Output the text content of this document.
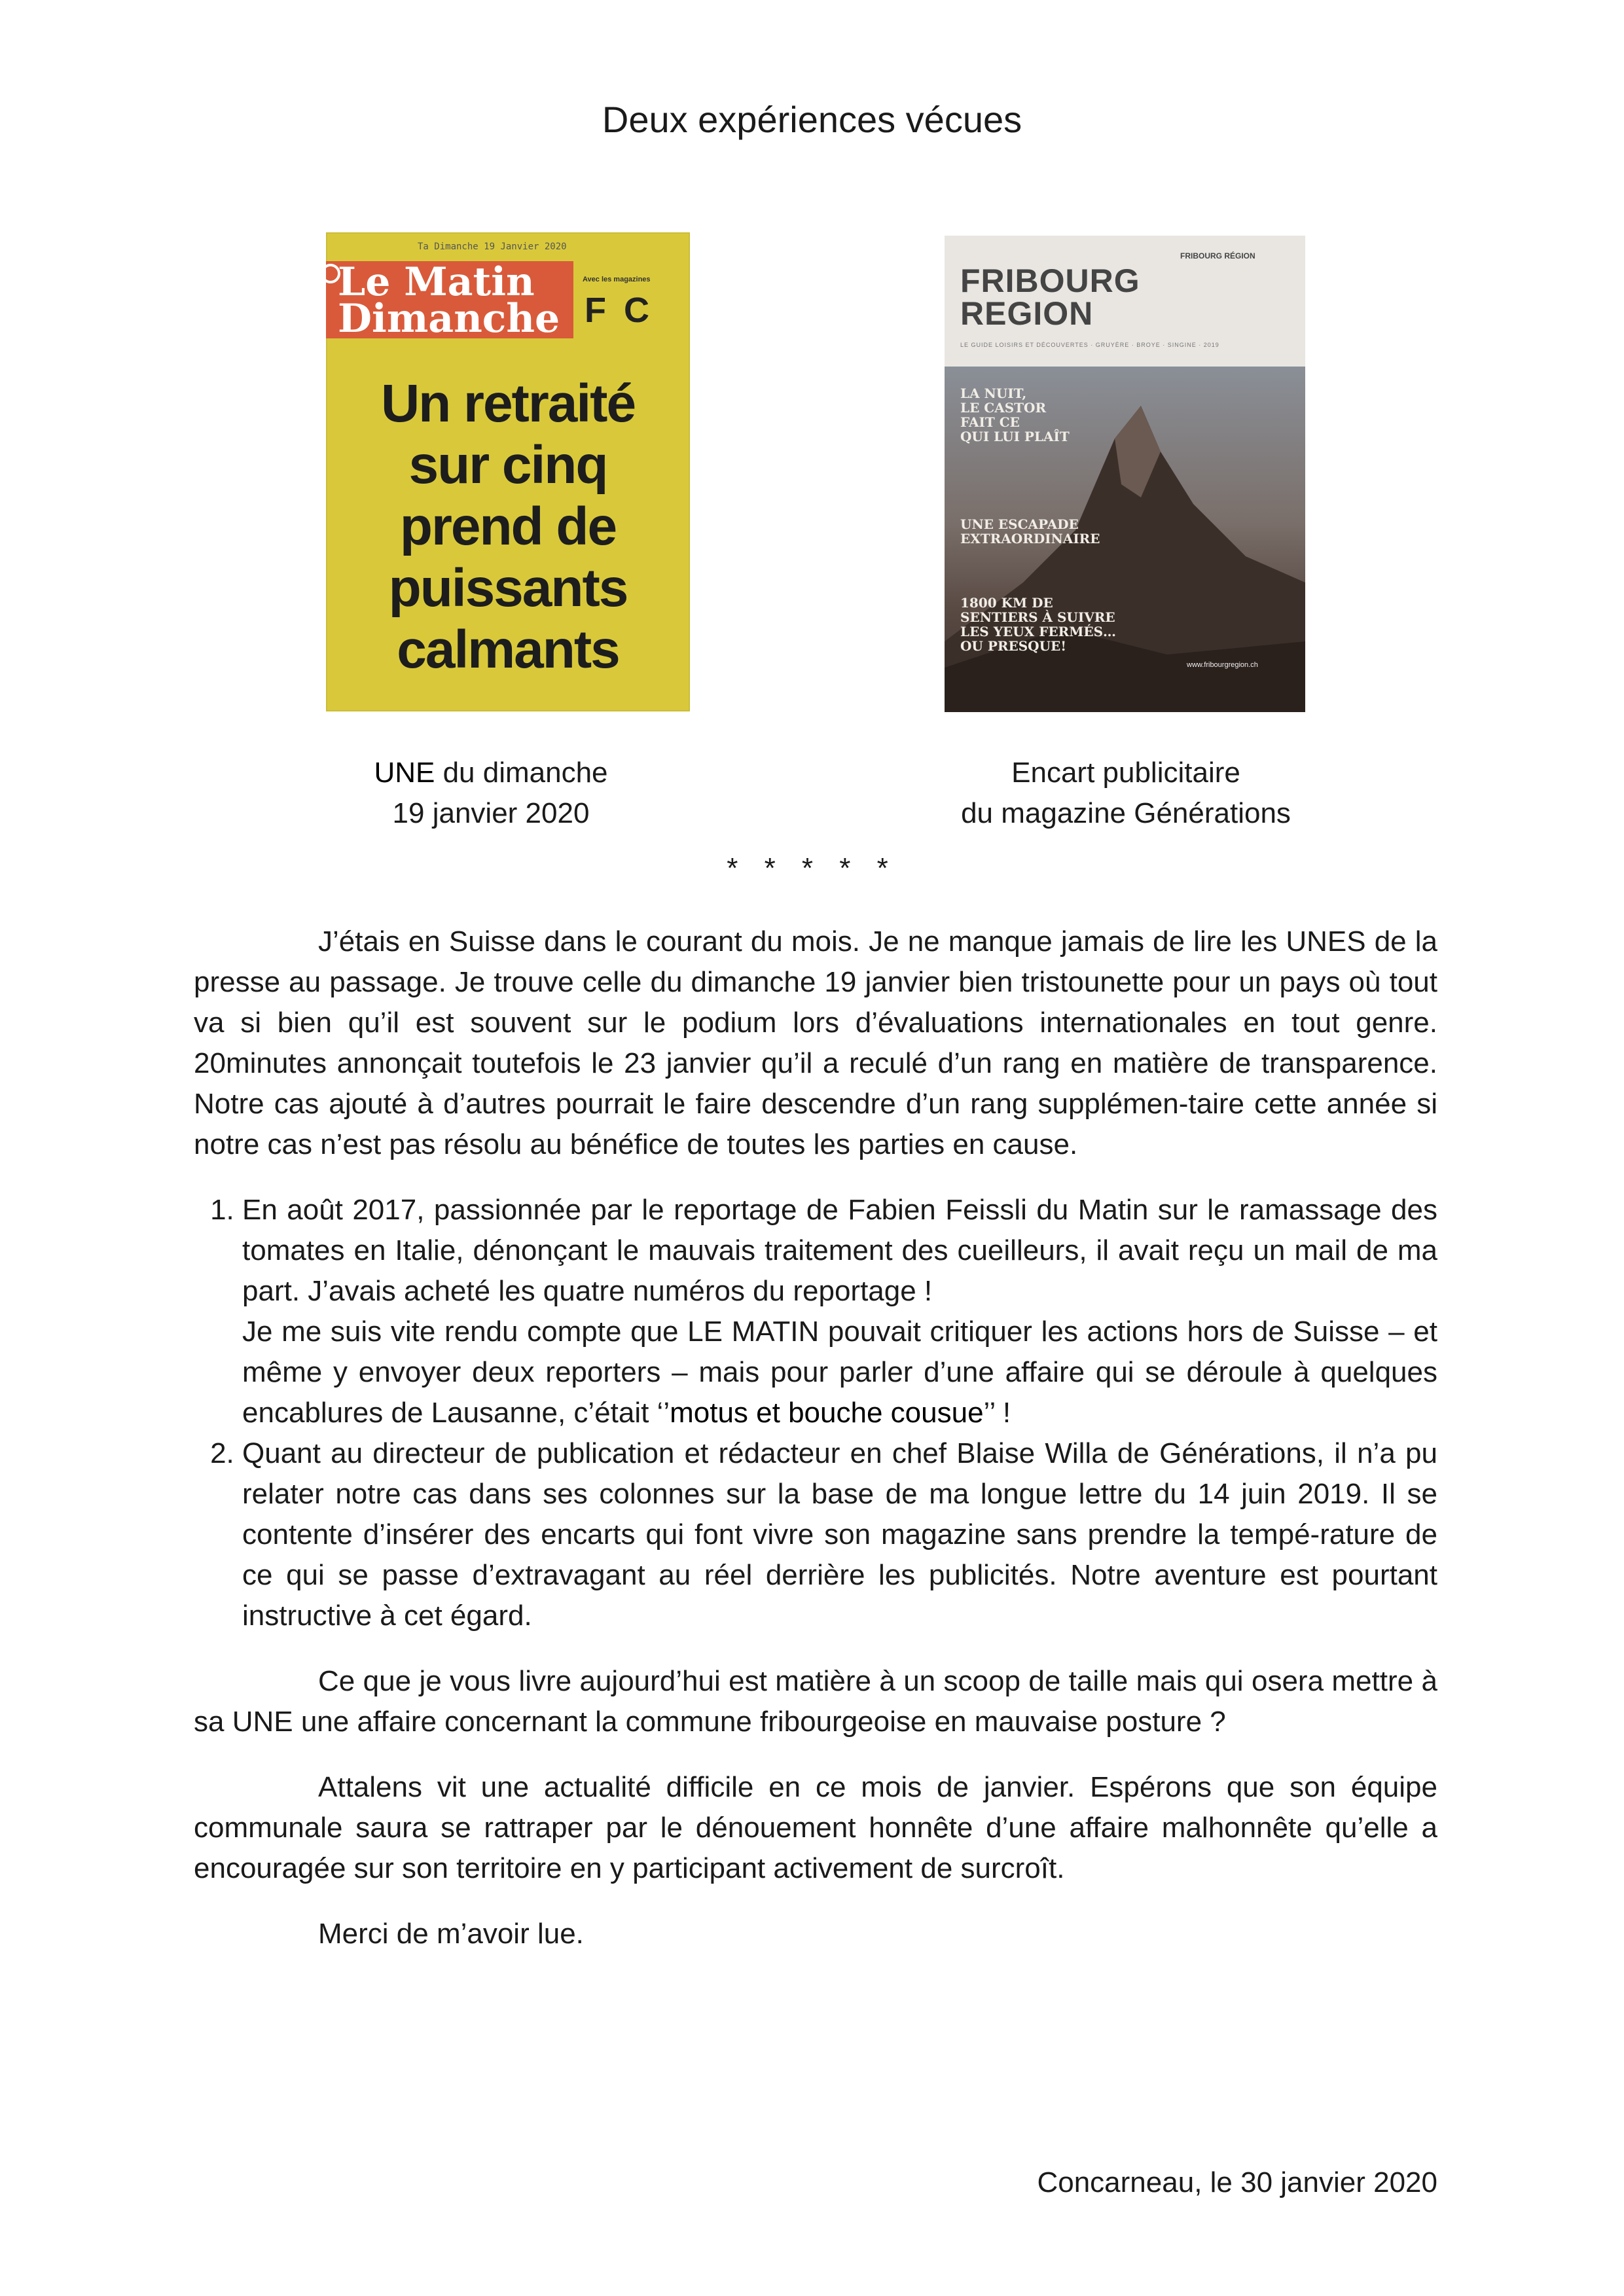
Deux expériences vécues
Ta Dimanche 19 Janvier 2020
Le Matin
Dimanche
Avec les magazines
F C
Un retraité
sur cinq
prend de
puissants
calmants
FRIBOURG RÉGION
FRIBOURG
REGION
LE GUIDE LOISIRS ET DÉCOUVERTES · GRUYÈRE · BROYE · SINGINE · 2019
LA NUIT,
LE CASTOR
FAIT CE
QUI LUI PLAÎT
UNE ESCAPADE
EXTRAORDINAIRE
1800 KM DE
SENTIERS À SUIVRE
LES YEUX FERMÉS…
OU PRESQUE!
www.fribourgregion.ch
UNE du dimanche
19 janvier 2020
Encart publicitaire
du magazine Générations
* * * * *

J’étais en Suisse dans le courant du mois. Je ne manque jamais de lire les UNES de la presse au passage. Je trouve celle du dimanche 19 janvier bien tristounette pour un pays où tout va si bien qu’il est souvent sur le podium lors d’évaluations internationales en tout genre. 20minutes annonçait toutefois le 23 janvier qu’il a reculé d’un rang en matière de transparence. Notre cas ajouté à d’autres pourrait le faire descendre d’un rang supplémen-taire cette année si notre cas n’est pas résolu au bénéfice de toutes les parties en cause.

1. En août 2017, passionnée par le reportage de Fabien Feissli du Matin sur le ramassage des tomates en Italie, dénonçant le mauvais traitement des cueilleurs, il avait reçu un mail de ma part. J’avais acheté les quatre numéros du reportage !
Je me suis vite rendu compte que LE MATIN pouvait critiquer les actions hors de Suisse – et même y envoyer deux reporters – mais pour parler d’une affaire qui se déroule à quelques encablures de Lausanne, c’était ‘’motus et bouche cousue’’ !
2. Quant au directeur de publication et rédacteur en chef Blaise Willa de Générations, il n’a pu relater notre cas dans ses colonnes sur la base de ma longue lettre du 14 juin 2019. Il se contente d’insérer des encarts qui font vivre son magazine sans prendre la tempé-rature de ce qui se passe d’extravagant au réel derrière les publicités. Notre aventure est pourtant instructive à cet égard.

Ce que je vous livre aujourd’hui est matière à un scoop de taille mais qui osera mettre à sa UNE une affaire concernant la commune fribourgeoise en mauvaise posture ?

Attalens vit une actualité difficile en ce mois de janvier. Espérons que son équipe communale saura se rattraper par le dénouement honnête d’une affaire malhonnête qu’elle a encouragée sur son territoire en y participant activement de surcroît.

Merci de m’avoir lue.

Concarneau, le 30 janvier 2020
